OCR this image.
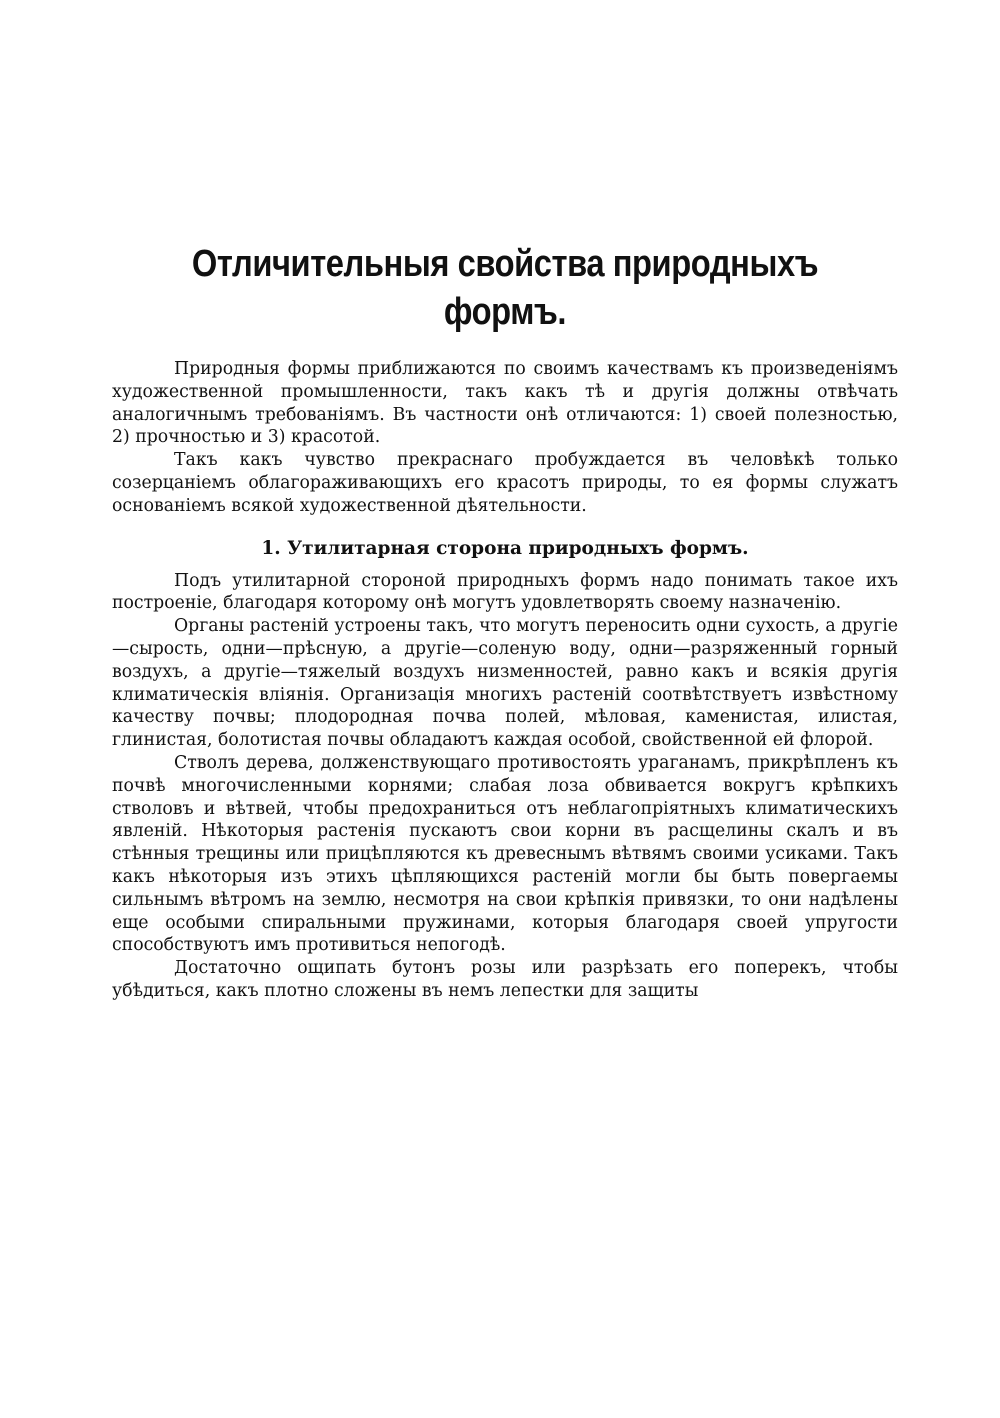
Отличительныя свойства природныхъ формъ.

Природныя формы приближаются по своимъ качествамъ къ произведеніямъ художественной промышленности, такъ какъ тѣ и другія должны отвѣчать аналогичнымъ требованіямъ. Въ частности онѣ отличаются: 1) своей полезностью, 2) прочностью и 3) красотой.

Такъ какъ чувство прекраснаго пробуждается въ человѣкѣ только созерцаніемъ облагораживающихъ его красотъ природы, то ея формы служатъ основаніемъ всякой художественной дѣятельности.

1. Утилитарная сторона природныхъ формъ.

Подъ утилитарной стороной природныхъ формъ надо понимать такое ихъ построеніе, благодаря которому онѣ могутъ удовлетворять своему назначенію.

Органы растеній устроены такъ, что могутъ переносить одни сухость, а другіе—сырость, одни—прѣсную, а другіе—соленую воду, одни—разряженный горный воздухъ, а другіе—тяжелый воздухъ низменностей, равно какъ и всякія другія климатическія вліянія. Организація многихъ растеній соотвѣтствуетъ извѣстному качеству почвы; плодородная почва полей, мѣловая, каменистая, илистая, глинистая, болотистая почвы обладаютъ каждая особой, свойственной ей флорой.

Стволъ дерева, долженствующаго противостоять ураганамъ, прикрѣпленъ къ почвѣ многочисленными корнями; слабая лоза обвивается вокругъ крѣпкихъ стволовъ и вѣтвей, чтобы предохраниться отъ неблагопріятныхъ климатическихъ явленій. Нѣкоторыя растенія пускаютъ свои корни въ расщелины скалъ и въ стѣнныя трещины или прицѣпляются къ древеснымъ вѣтвямъ своими усиками. Такъ какъ нѣкоторыя изъ этихъ цѣпляющихся растеній могли бы быть повергаемы сильнымъ вѣтромъ на землю, несмотря на свои крѣпкія привязки, то они надѣлены еще особыми спиральными пружинами, которыя благодаря своей упругости способствуютъ имъ противиться непогодѣ.

Достаточно ощипать бутонъ розы или разрѣзать его поперекъ, чтобы убѣдиться, какъ плотно сложены въ немъ лепестки для защиты
